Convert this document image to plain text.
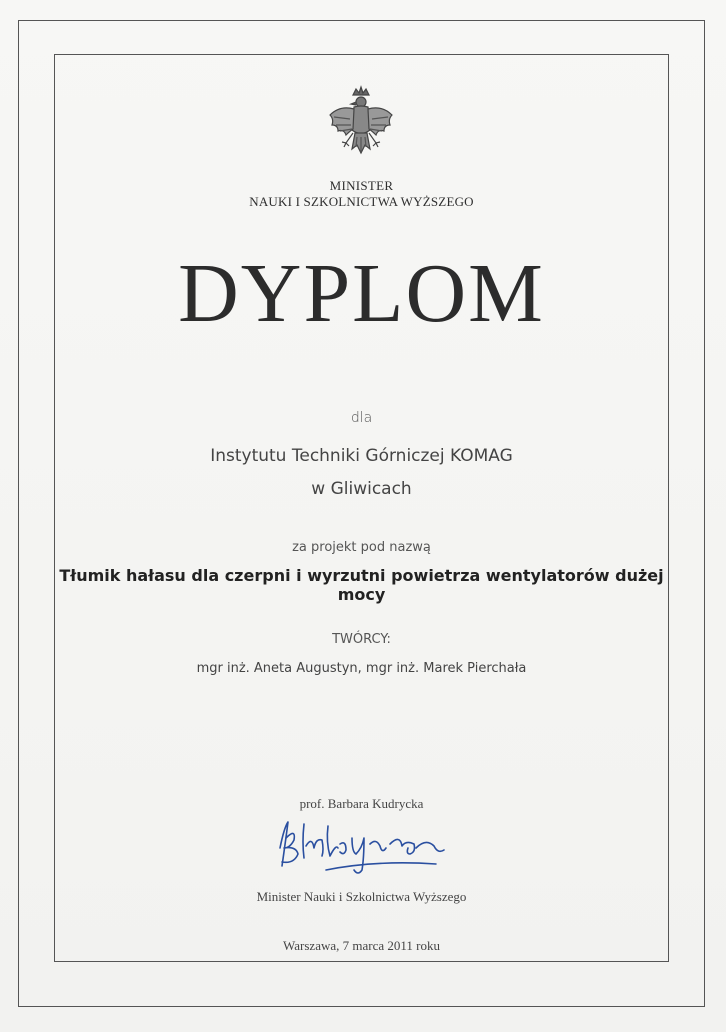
MINISTER
NAUKI I SZKOLNICTWA WYŻSZEGO
DYPLOM
dla
Instytutu Techniki Górniczej KOMAG
w Gliwicach
za projekt pod nazwą
Tłumik hałasu dla czerpni i wyrzutni powietrza wentylatorów dużej mocy
TWÓRCY:
mgr inż. Aneta Augustyn, mgr inż. Marek Pierchała
prof. Barbara Kudrycka
Minister Nauki i Szkolnictwa Wyższego
Warszawa, 7 marca 2011 roku
